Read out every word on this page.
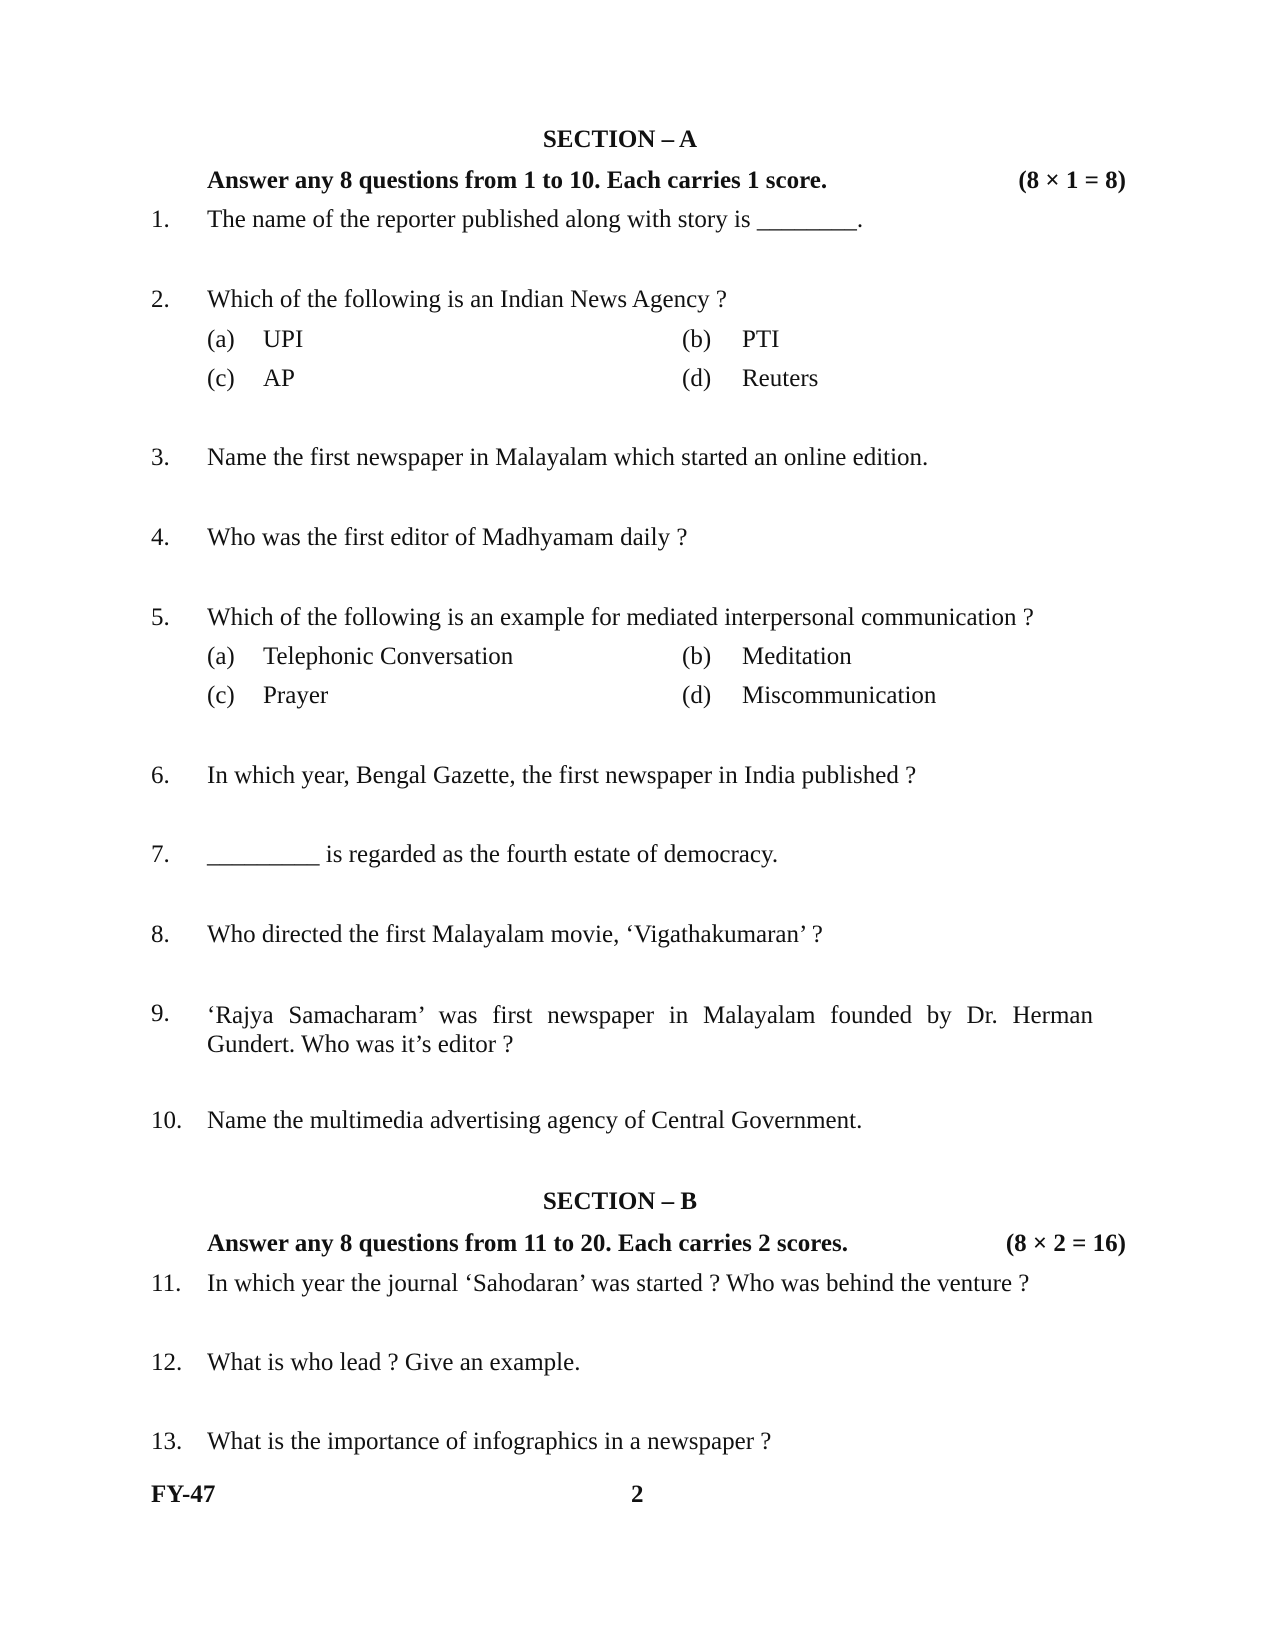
SECTION – A
Answer any 8 questions from 1 to 10. Each carries 1 score.	(8 × 1 = 8)
1. The name of the reporter published along with story is ________.
2. Which of the following is an Indian News Agency ?
(a) UPI	(b) PTI
(c) AP	(d) Reuters
3. Name the first newspaper in Malayalam which started an online edition.
4. Who was the first editor of Madhyamam daily ?
5. Which of the following is an example for mediated interpersonal communication ?
(a) Telephonic Conversation	(b) Meditation
(c) Prayer	(d) Miscommunication
6. In which year, Bengal Gazette, the first newspaper in India published ?
7. _________ is regarded as the fourth estate of democracy.
8. Who directed the first Malayalam movie, ‘Vigathakumaran’ ?
9. ‘Rajya Samacharam’ was first newspaper in Malayalam founded by Dr. Herman Gundert. Who was it’s editor ?
10. Name the multimedia advertising agency of Central Government.
SECTION – B
Answer any 8 questions from 11 to 20. Each carries 2 scores.	(8 × 2 = 16)
11. In which year the journal ‘Sahodaran’ was started ? Who was behind the venture ?
12. What is who lead ? Give an example.
13. What is the importance of infographics in a newspaper ?
FY-47	2
